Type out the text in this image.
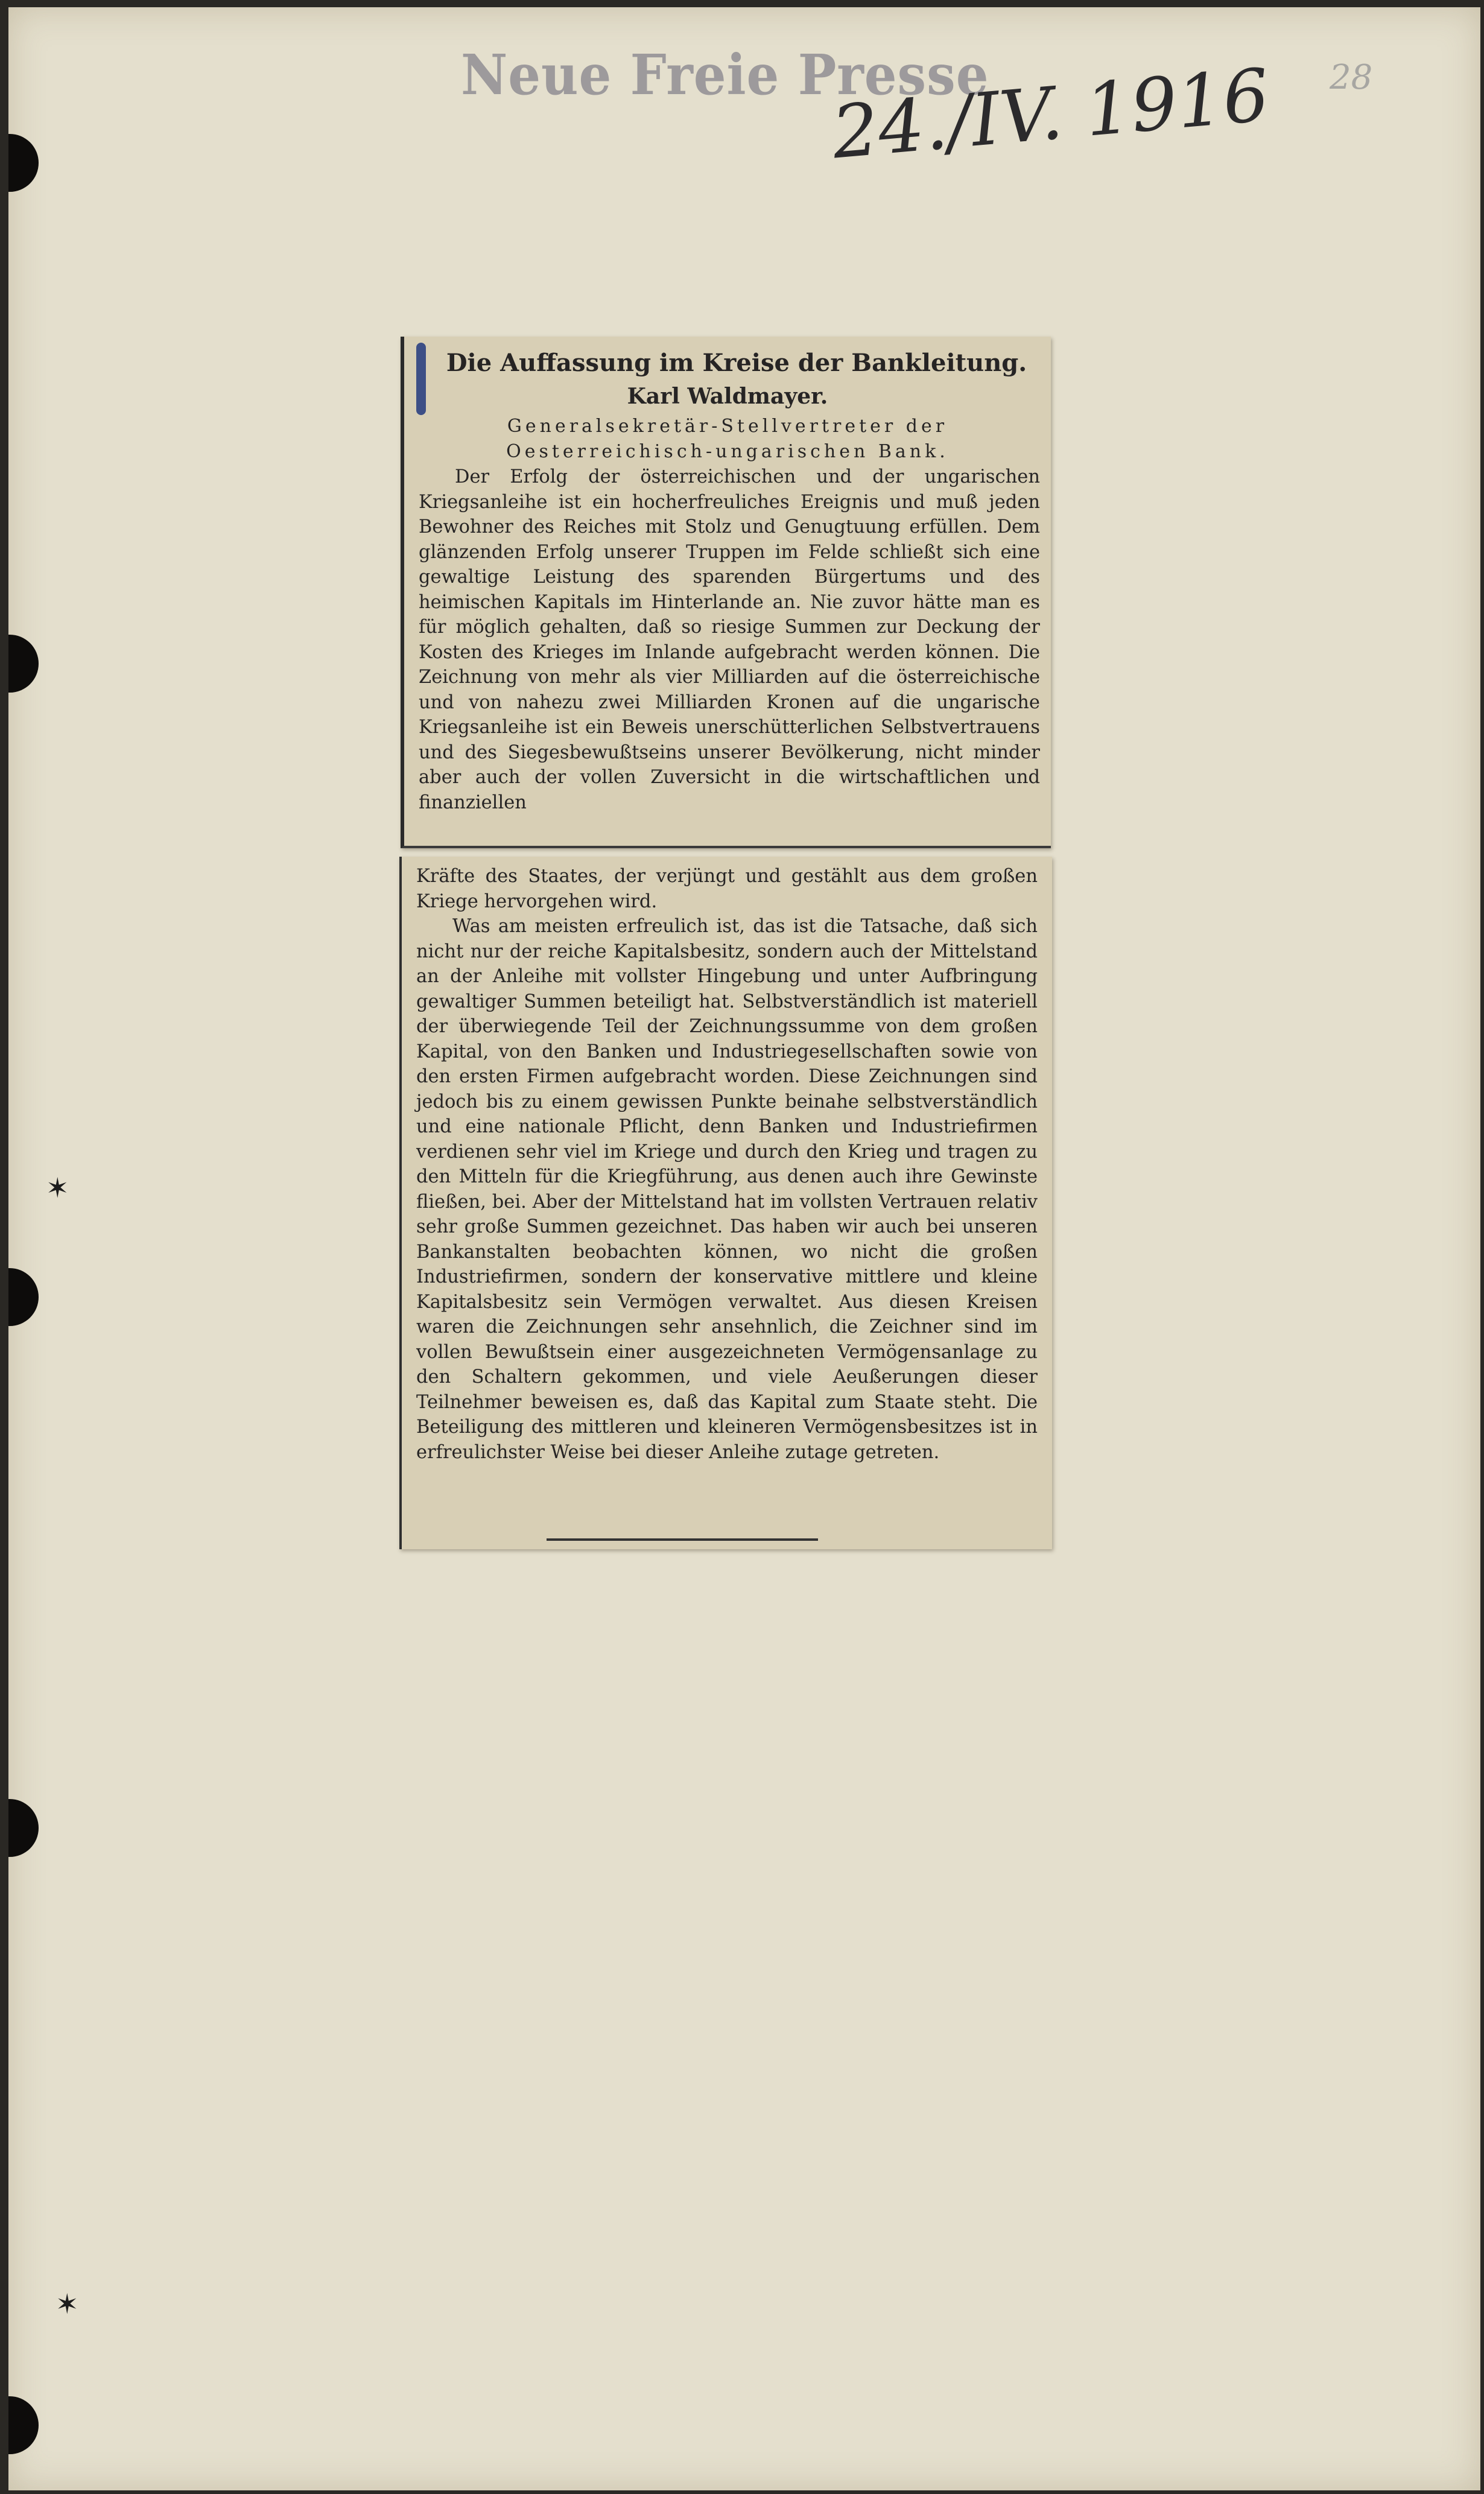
Neue Freie Presse
24./IV. 1916 28
✶
✶
Die Auffassung im Kreise der Bankleitung.
Karl Waldmayer.
Generalsekretär-Stellvertreter der Oesterreichisch-ungarischen Bank.
Der Erfolg der österreichischen und der ungarischen Kriegsanleihe ist ein hocherfreuliches Ereignis und muß jeden Bewohner des Reiches mit Stolz und Genugtuung erfüllen. Dem glänzenden Erfolg unserer Truppen im Felde schließt sich eine gewaltige Leistung des sparenden Bürgertums und des heimischen Kapitals im Hinterlande an. Nie zuvor hätte man es für möglich gehalten, daß so riesige Summen zur Deckung der Kosten des Krieges im Inlande aufgebracht werden können. Die Zeichnung von mehr als vier Milliarden auf die österreichische und von nahezu zwei Milliarden Kronen auf die ungarische Kriegsanleihe ist ein Beweis unerschütterlichen Selbstvertrauens und des Siegesbewußtseins unserer Bevölkerung, nicht minder aber auch der vollen Zuversicht in die wirtschaftlichen und finanziellen
Kräfte des Staates, der verjüngt und gestählt aus dem großen Kriege hervorgehen wird.
Was am meisten erfreulich ist, das ist die Tatsache, daß sich nicht nur der reiche Kapitalsbesitz, sondern auch der Mittelstand an der Anleihe mit vollster Hingebung und unter Aufbringung gewaltiger Summen beteiligt hat. Selbstverständlich ist materiell der überwiegende Teil der Zeichnungssumme von dem großen Kapital, von den Banken und Industriegesellschaften sowie von den ersten Firmen aufgebracht worden. Diese Zeichnungen sind jedoch bis zu einem gewissen Punkte beinahe selbstverständlich und eine nationale Pflicht, denn Banken und Industriefirmen verdienen sehr viel im Kriege und durch den Krieg und tragen zu den Mitteln für die Kriegführung, aus denen auch ihre Gewinste fließen, bei. Aber der Mittelstand hat im vollsten Vertrauen relativ sehr große Summen gezeichnet. Das haben wir auch bei unseren Bankanstalten beobachten können, wo nicht die großen Industriefirmen, sondern der konservative mittlere und kleine Kapitalsbesitz sein Vermögen verwaltet. Aus diesen Kreisen waren die Zeichnungen sehr ansehnlich, die Zeichner sind im vollen Bewußtsein einer ausgezeichneten Vermögensanlage zu den Schaltern gekommen, und viele Aeußerungen dieser Teilnehmer beweisen es, daß das Kapital zum Staate steht. Die Beteiligung des mittleren und kleineren Vermögensbesitzes ist in erfreulichster Weise bei dieser Anleihe zutage getreten.
